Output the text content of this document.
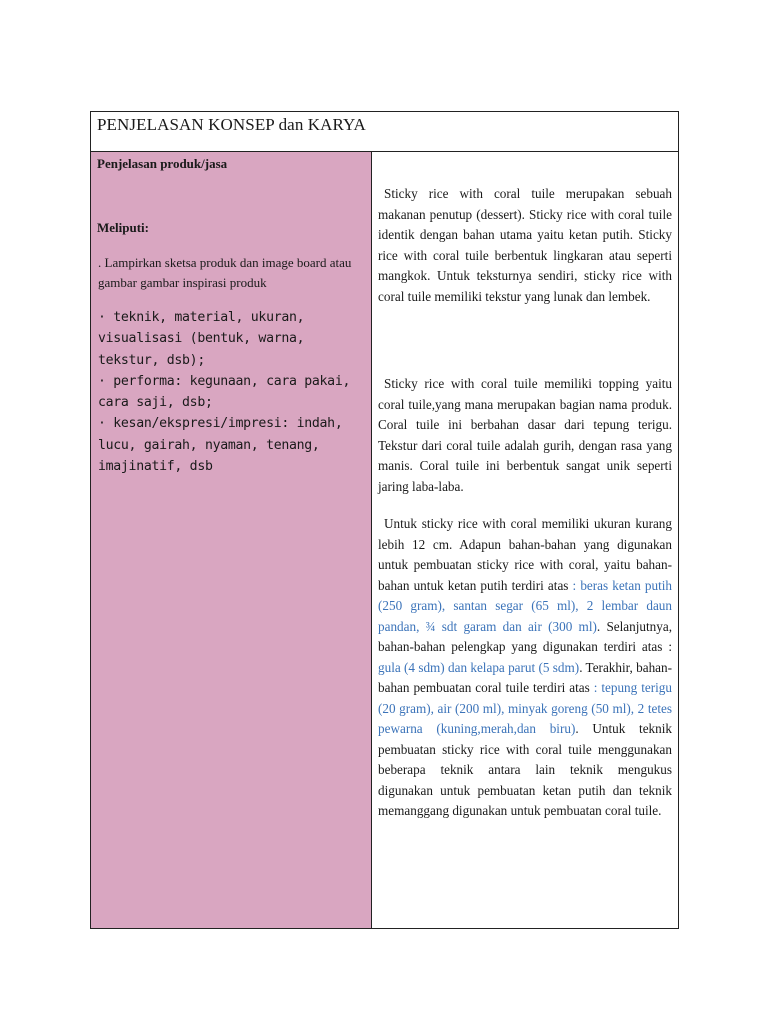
PENJELASAN KONSEP dan KARYA
Penjelasan produk/jasa
Meliputi:
. Lampirkan sketsa produk dan image board atau gambar gambar inspirasi produk
· teknik, material, ukuran, visualisasi (bentuk, warna, tekstur, dsb);
· performa: kegunaan, cara pakai,
cara saji, dsb;
· kesan/ekspresi/impresi: indah, lucu, gairah, nyaman, tenang, imajinatif, dsb
Sticky rice with coral tuile merupakan sebuah makanan penutup (dessert). Sticky rice with coral tuile identik dengan bahan utama yaitu ketan putih. Sticky rice with coral tuile berbentuk lingkaran atau seperti mangkok. Untuk teksturnya sendiri, sticky rice with coral tuile memiliki tekstur yang lunak dan lembek.
Sticky rice with coral tuile memiliki topping yaitu coral tuile,yang mana merupakan bagian nama produk. Coral tuile ini berbahan dasar dari tepung terigu. Tekstur dari coral tuile adalah gurih, dengan rasa yang manis. Coral tuile ini berbentuk sangat unik seperti jaring laba-laba.
Untuk sticky rice with coral memiliki ukuran kurang lebih 12 cm. Adapun bahan-bahan yang digunakan untuk pembuatan sticky rice with coral, yaitu bahan-bahan untuk ketan putih terdiri atas : beras ketan putih (250 gram), santan segar (65 ml), 2 lembar daun pandan, ¾ sdt garam dan air (300 ml). Selanjutnya, bahan-bahan pelengkap yang digunakan terdiri atas : gula (4 sdm) dan kelapa parut (5 sdm). Terakhir, bahan-bahan pembuatan coral tuile terdiri atas : tepung terigu (20 gram), air (200 ml), minyak goreng (50 ml), 2 tetes pewarna (kuning,merah,dan biru). Untuk teknik pembuatan sticky rice with coral tuile menggunakan beberapa teknik antara lain teknik mengukus digunakan untuk pembuatan ketan putih dan teknik memanggang digunakan untuk pembuatan coral tuile.
